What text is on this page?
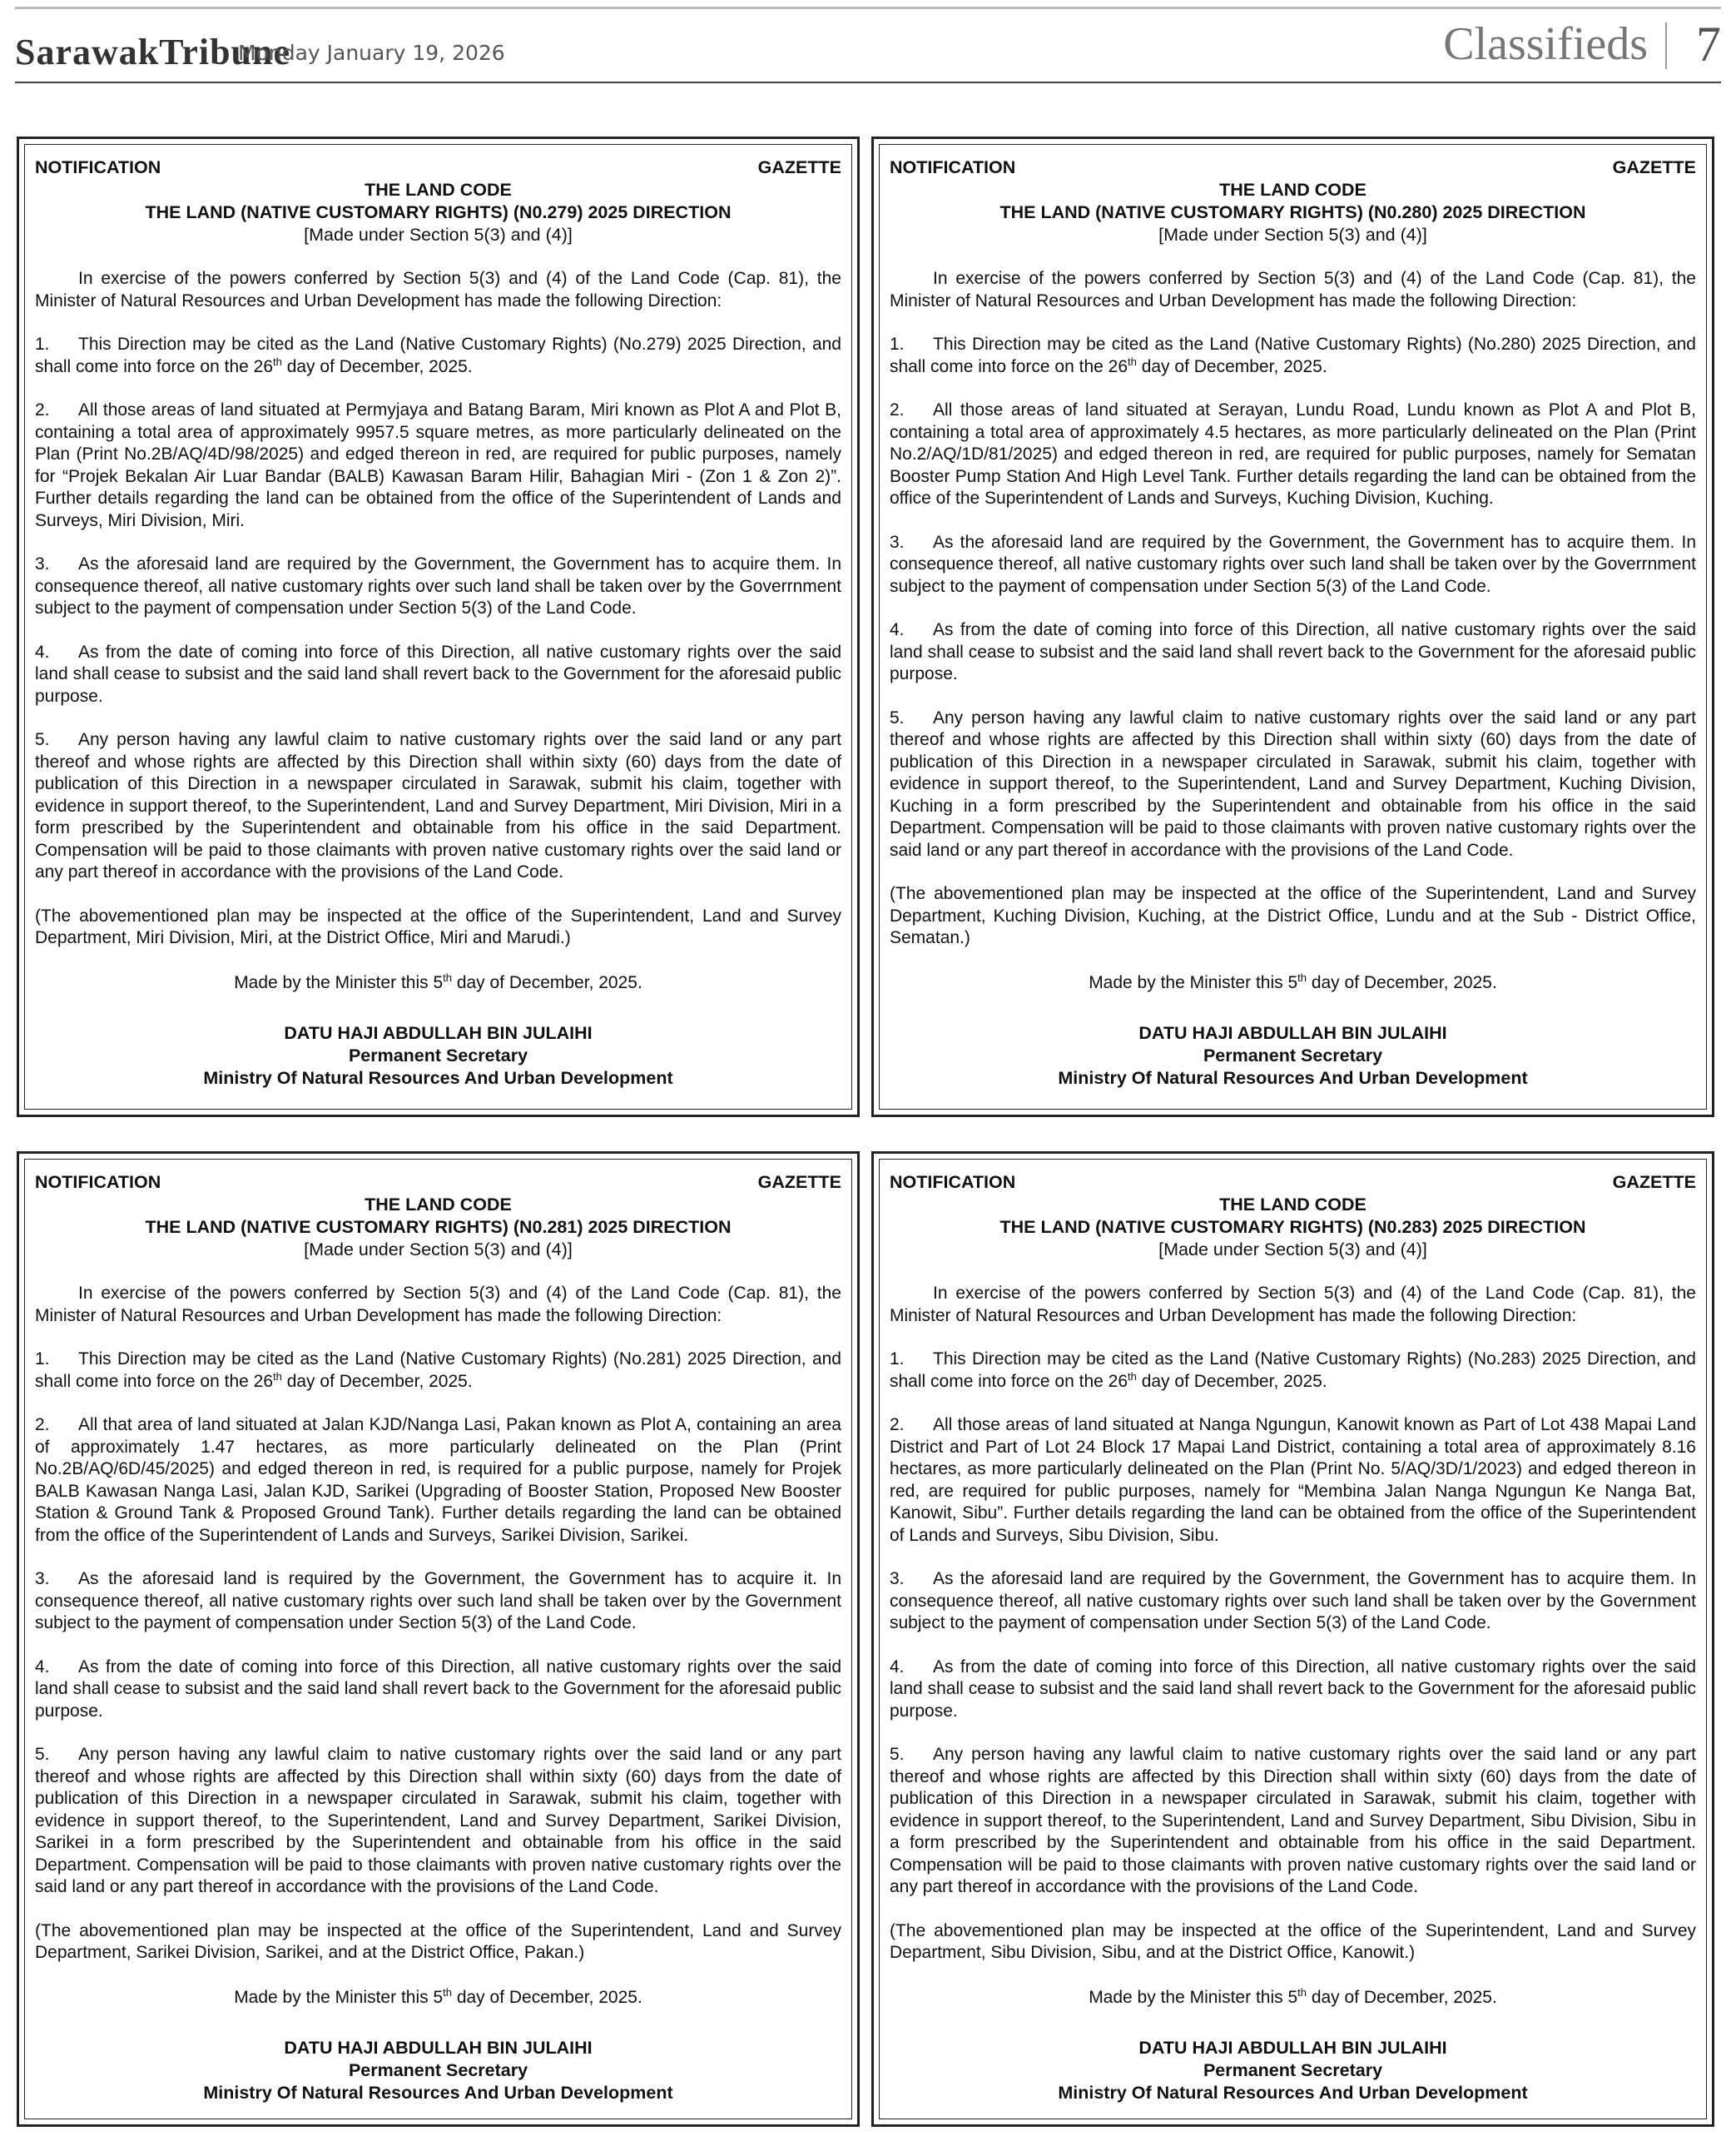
SarawakTribune
Monday January 19, 2026	Classifieds 7
NOTIFICATION	GAZETTE
THE LAND CODE
THE LAND (NATIVE CUSTOMARY RIGHTS) (N0.279) 2025 DIRECTION
[Made under Section 5(3) and (4)]

In exercise of the powers conferred by Section 5(3) and (4) of the Land Code (Cap. 81), the Minister of Natural Resources and Urban Development has made the following Direction:

1. This Direction may be cited as the Land (Native Customary Rights) (No.279) 2025 Direction, and shall come into force on the 26th day of December, 2025.

2. All those areas of land situated at Permyjaya and Batang Baram, Miri known as Plot A and Plot B, containing a total area of approximately 9957.5 square metres, as more particularly delineated on the Plan (Print No.2B/AQ/4D/98/2025) and edged thereon in red, are required for public purposes, namely for “Projek Bekalan Air Luar Bandar (BALB) Kawasan Baram Hilir, Bahagian Miri - (Zon 1 & Zon 2)”. Further details regarding the land can be obtained from the office of the Superintendent of Lands and Surveys, Miri Division, Miri.

3. As the aforesaid land are required by the Government, the Government has to acquire them. In consequence thereof, all native customary rights over such land shall be taken over by the Goverrnment subject to the payment of compensation under Section 5(3) of the Land Code.

4. As from the date of coming into force of this Direction, all native customary rights over the said land shall cease to subsist and the said land shall revert back to the Government for the aforesaid public purpose.

5. Any person having any lawful claim to native customary rights over the said land or any part thereof and whose rights are affected by this Direction shall within sixty (60) days from the date of publication of this Direction in a newspaper circulated in Sarawak, submit his claim, together with evidence in support thereof, to the Superintendent, Land and Survey Department, Miri Division, Miri in a form prescribed by the Superintendent and obtainable from his office in the said Department. Compensation will be paid to those claimants with proven native customary rights over the said land or any part thereof in accordance with the provisions of the Land Code.

(The abovementioned plan may be inspected at the office of the Superintendent, Land and Survey Department, Miri Division, Miri, at the District Office, Miri and Marudi.)

Made by the Minister this 5th day of December, 2025.
DATU HAJI ABDULLAH BIN JULAIHI
Permanent Secretary
Ministry Of Natural Resources And Urban Development
NOTIFICATION	GAZETTE
THE LAND CODE
THE LAND (NATIVE CUSTOMARY RIGHTS) (N0.280) 2025 DIRECTION
[Made under Section 5(3) and (4)]

In exercise of the powers conferred by Section 5(3) and (4) of the Land Code (Cap. 81), the Minister of Natural Resources and Urban Development has made the following Direction:

1. This Direction may be cited as the Land (Native Customary Rights) (No.280) 2025 Direction, and shall come into force on the 26th day of December, 2025.

2. All those areas of land situated at Serayan, Lundu Road, Lundu known as Plot A and Plot B, containing a total area of approximately 4.5 hectares, as more particularly delineated on the Plan (Print No.2/AQ/1D/81/2025) and edged thereon in red, are required for public purposes, namely for Sematan Booster Pump Station And High Level Tank. Further details regarding the land can be obtained from the office of the Superintendent of Lands and Surveys, Kuching Division, Kuching.

3. As the aforesaid land are required by the Government, the Government has to acquire them. In consequence thereof, all native customary rights over such land shall be taken over by the Goverrnment subject to the payment of compensation under Section 5(3) of the Land Code.

4. As from the date of coming into force of this Direction, all native customary rights over the said land shall cease to subsist and the said land shall revert back to the Government for the aforesaid public purpose.

5. Any person having any lawful claim to native customary rights over the said land or any part thereof and whose rights are affected by this Direction shall within sixty (60) days from the date of publication of this Direction in a newspaper circulated in Sarawak, submit his claim, together with evidence in support thereof, to the Superintendent, Land and Survey Department, Kuching Division, Kuching in a form prescribed by the Superintendent and obtainable from his office in the said Department. Compensation will be paid to those claimants with proven native customary rights over the said land or any part thereof in accordance with the provisions of the Land Code.

(The abovementioned plan may be inspected at the office of the Superintendent, Land and Survey Department, Kuching Division, Kuching, at the District Office, Lundu and at the Sub - District Office, Sematan.)

Made by the Minister this 5th day of December, 2025.
DATU HAJI ABDULLAH BIN JULAIHI
Permanent Secretary
Ministry Of Natural Resources And Urban Development
NOTIFICATION	GAZETTE
THE LAND CODE
THE LAND (NATIVE CUSTOMARY RIGHTS) (N0.281) 2025 DIRECTION
[Made under Section 5(3) and (4)]

In exercise of the powers conferred by Section 5(3) and (4) of the Land Code (Cap. 81), the Minister of Natural Resources and Urban Development has made the following Direction:

1. This Direction may be cited as the Land (Native Customary Rights) (No.281) 2025 Direction, and shall come into force on the 26th day of December, 2025.

2. All that area of land situated at Jalan KJD/Nanga Lasi, Pakan known as Plot A, containing an area of approximately 1.47 hectares, as more particularly delineated on the Plan (Print No.2B/AQ/6D/45/2025) and edged thereon in red, is required for a public purpose, namely for Projek BALB Kawasan Nanga Lasi, Jalan KJD, Sarikei (Upgrading of Booster Station, Proposed New Booster Station & Ground Tank & Proposed Ground Tank). Further details regarding the land can be obtained from the office of the Superintendent of Lands and Surveys, Sarikei Division, Sarikei.

3. As the aforesaid land is required by the Government, the Government has to acquire it. In consequence thereof, all native customary rights over such land shall be taken over by the Government subject to the payment of compensation under Section 5(3) of the Land Code.

4. As from the date of coming into force of this Direction, all native customary rights over the said land shall cease to subsist and the said land shall revert back to the Government for the aforesaid public purpose.

5. Any person having any lawful claim to native customary rights over the said land or any part thereof and whose rights are affected by this Direction shall within sixty (60) days from the date of publication of this Direction in a newspaper circulated in Sarawak, submit his claim, together with evidence in support thereof, to the Superintendent, Land and Survey Department, Sarikei Division, Sarikei in a form prescribed by the Superintendent and obtainable from his office in the said Department. Compensation will be paid to those claimants with proven native customary rights over the said land or any part thereof in accordance with the provisions of the Land Code.

(The abovementioned plan may be inspected at the office of the Superintendent, Land and Survey Department, Sarikei Division, Sarikei, and at the District Office, Pakan.)

Made by the Minister this 5th day of December, 2025.
DATU HAJI ABDULLAH BIN JULAIHI
Permanent Secretary
Ministry Of Natural Resources And Urban Development
NOTIFICATION	GAZETTE
THE LAND CODE
THE LAND (NATIVE CUSTOMARY RIGHTS) (N0.283) 2025 DIRECTION
[Made under Section 5(3) and (4)]

In exercise of the powers conferred by Section 5(3) and (4) of the Land Code (Cap. 81), the Minister of Natural Resources and Urban Development has made the following Direction:

1. This Direction may be cited as the Land (Native Customary Rights) (No.283) 2025 Direction, and shall come into force on the 26th day of December, 2025.

2. All those areas of land situated at Nanga Ngungun, Kanowit known as Part of Lot 438 Mapai Land District and Part of Lot 24 Block 17 Mapai Land District, containing a total area of approximately 8.16 hectares, as more particularly delineated on the Plan (Print No. 5/AQ/3D/1/2023) and edged thereon in red, are required for public purposes, namely for “Membina Jalan Nanga Ngungun Ke Nanga Bat, Kanowit, Sibu”. Further details regarding the land can be obtained from the office of the Superintendent of Lands and Surveys, Sibu Division, Sibu.

3. As the aforesaid land are required by the Government, the Government has to acquire them. In consequence thereof, all native customary rights over such land shall be taken over by the Government subject to the payment of compensation under Section 5(3) of the Land Code.

4. As from the date of coming into force of this Direction, all native customary rights over the said land shall cease to subsist and the said land shall revert back to the Government for the aforesaid public purpose.

5. Any person having any lawful claim to native customary rights over the said land or any part thereof and whose rights are affected by this Direction shall within sixty (60) days from the date of publication of this Direction in a newspaper circulated in Sarawak, submit his claim, together with evidence in support thereof, to the Superintendent, Land and Survey Department, Sibu Division, Sibu in a form prescribed by the Superintendent and obtainable from his office in the said Department. Compensation will be paid to those claimants with proven native customary rights over the said land or any part thereof in accordance with the provisions of the Land Code.

(The abovementioned plan may be inspected at the office of the Superintendent, Land and Survey Department, Sibu Division, Sibu, and at the District Office, Kanowit.)

Made by the Minister this 5th day of December, 2025.
DATU HAJI ABDULLAH BIN JULAIHI
Permanent Secretary
Ministry Of Natural Resources And Urban Development
